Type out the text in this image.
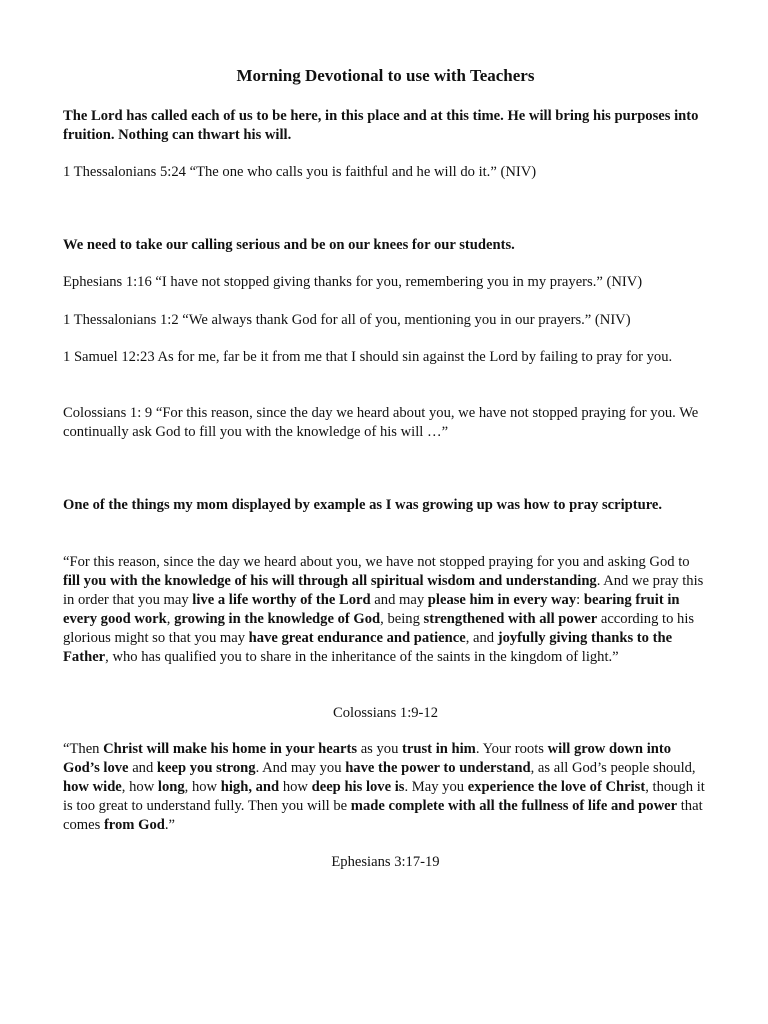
Morning Devotional to use with Teachers
The Lord has called each of us to be here, in this place and at this time. He will bring his purposes into fruition. Nothing can thwart his will.
1 Thessalonians 5:24 “The one who calls you is faithful and he will do it.” (NIV)
We need to take our calling serious and be on our knees for our students.
Ephesians 1:16 “I have not stopped giving thanks for you, remembering you in my prayers.” (NIV)
1 Thessalonians 1:2 “We always thank God for all of you, mentioning you in our prayers.” (NIV)
1 Samuel 12:23 As for me, far be it from me that I should sin against the Lord by failing to pray for you.
Colossians 1: 9 “For this reason, since the day we heard about you, we have not stopped praying for you. We continually ask God to fill you with the knowledge of his will …”
One of the things my mom displayed by example as I was growing up was how to pray scripture.
“For this reason, since the day we heard about you, we have not stopped praying for you and asking God to fill you with the knowledge of his will through all spiritual wisdom and understanding. And we pray this in order that you may live a life worthy of the Lord and may please him in every way: bearing fruit in every good work, growing in the knowledge of God, being strengthened with all power according to his glorious might so that you may have great endurance and patience, and joyfully giving thanks to the Father, who has qualified you to share in the inheritance of the saints in the kingdom of light.”
Colossians 1:9-12
“Then Christ will make his home in your hearts as you trust in him. Your roots will grow down into God’s love and keep you strong. And may you have the power to understand, as all God’s people should, how wide, how long, how high, and how deep his love is. May you experience the love of Christ, though it is too great to understand fully. Then you will be made complete with all the fullness of life and power that comes from God.”
Ephesians 3:17-19
